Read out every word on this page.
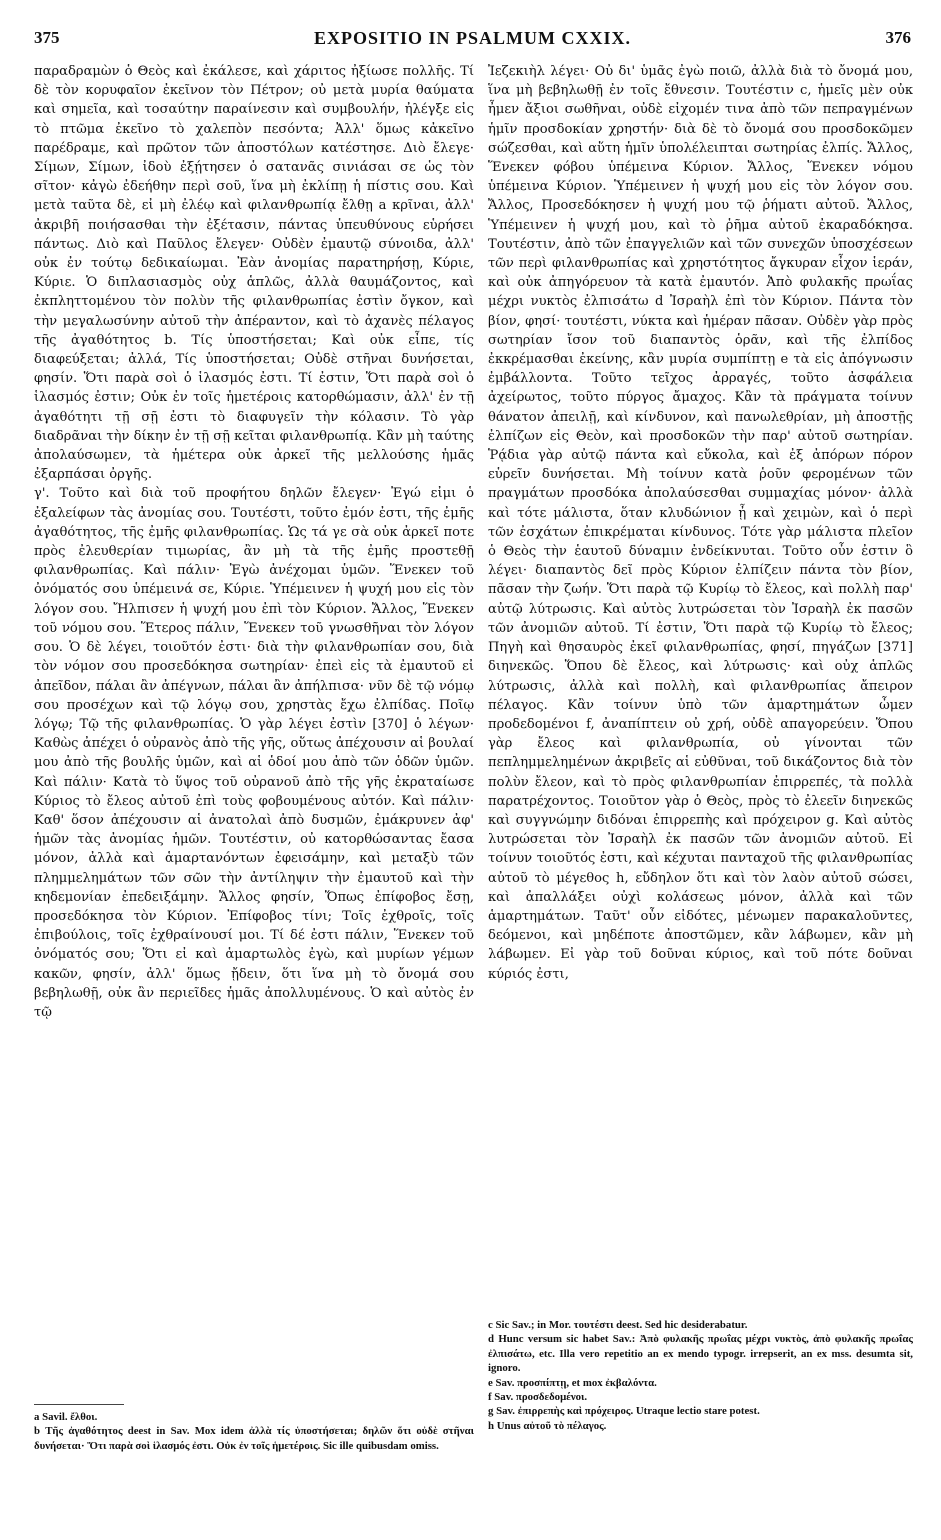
375	EXPOSITIO IN PSALMUM CXXIX.	376

παραδραμὼν ὁ Θεὸς καὶ ἐκάλεσε, καὶ χάριτος ἠξίωσε πολλῆς. Τί δὲ τὸν κορυφαῖον ἐκεῖνον τὸν Πέτρον; οὐ μετὰ μυρία θαύματα καὶ σημεῖα, καὶ τοσαύτην παραίνεσιν καὶ συμβουλήν, ἠλέγξε εἰς τὸ πτῶμα ἐκεῖνο τὸ χαλεπὸν πεσόντα; Ἀλλ' ὅμως κἀκεῖνο παρέδραμε, καὶ πρῶτον τῶν ἀποστόλων κατέστησε. Διὸ ἔλεγε· Σίμων, Σίμων, ἰδοὺ ἐξῄτησεν ὁ σατανᾶς σινιάσαι σε ὡς τὸν σῖτον· κἀγὼ ἐδεήθην περὶ σοῦ, ἵνα μὴ ἐκλίπῃ ἡ πίστις σου. Καὶ μετὰ ταῦτα δὲ, εἰ μὴ ἐλέῳ καὶ φιλανθρωπίᾳ ἔλθῃ a κρῖναι, ἀλλ' ἀκριβῆ ποιήσασθαι τὴν ἐξέτασιν, πάντας ὑπευθύνους εὑρήσει πάντως. Διὸ καὶ Παῦλος ἔλεγεν· Οὐδὲν ἐμαυτῷ σύνοιδα, ἀλλ' οὐκ ἐν τούτῳ δεδικαίωμαι. Ἐὰν ἀνομίας παρατηρήσῃ, Κύριε, Κύριε. Ὁ διπλασιασμὸς οὐχ ἁπλῶς, ἀλλὰ θαυμάζοντος, καὶ ἐκπληττομένου τὸν πολὺν τῆς φιλανθρωπίας ἐστὶν ὄγκον, καὶ τὴν μεγαλωσύνην αὐτοῦ τὴν ἀπέραντον, καὶ τὸ ἀχανὲς πέλαγος τῆς ἀγαθότητος b. Τίς ὑποστήσεται; Καὶ οὐκ εἶπε, τίς διαφεύξεται; ἀλλά, Τίς ὑποστήσεται; Οὐδὲ στῆναι δυνήσεται, φησίν. Ὅτι παρὰ σοὶ ὁ ἱλασμός ἐστι. Τί ἐστιν, Ὅτι παρὰ σοὶ ὁ ἱλασμός ἐστιν; Οὐκ ἐν τοῖς ἡμετέροις κατορθώμασιν, ἀλλ' ἐν τῇ ἀγαθότητι τῇ σῇ ἐστι τὸ διαφυγεῖν τὴν κόλασιν. Τὸ γὰρ διαδρᾶναι τὴν δίκην ἐν τῇ σῇ κεῖται φιλανθρωπίᾳ. Κἂν μὴ ταύτης ἀπολαύσωμεν, τὰ ἡμέτερα οὐκ ἀρκεῖ τῆς μελλούσης ἡμᾶς ἐξαρπάσαι ὀργῆς.

γ'. Τοῦτο καὶ διὰ τοῦ προφήτου δηλῶν ἔλεγεν· Ἐγώ εἰμι ὁ ἐξαλείφων τὰς ἀνομίας σου. Τουτέστι, τοῦτο ἐμόν ἐστι, τῆς ἐμῆς ἀγαθότητος, τῆς ἐμῆς φιλανθρωπίας. Ὡς τά γε σὰ οὐκ ἀρκεῖ ποτε πρὸς ἐλευθερίαν τιμωρίας, ἂν μὴ τὰ τῆς ἐμῆς προστεθῇ φιλανθρωπίας. Καὶ πάλιν· Ἐγὼ ἀνέχομαι ὑμῶν. Ἕνεκεν τοῦ ὀνόματός σου ὑπέμεινά σε, Κύριε. Ὑπέμεινεν ἡ ψυχή μου εἰς τὸν λόγον σου. Ἤλπισεν ἡ ψυχή μου ἐπὶ τὸν Κύριον. Ἄλλος, Ἕνεκεν τοῦ νόμου σου. Ἕτερος πάλιν, Ἕνεκεν τοῦ γνωσθῆναι τὸν λόγον σου. Ὁ δὲ λέγει, τοιοῦτόν ἐστι· διὰ τὴν φιλανθρωπίαν σου, διὰ τὸν νόμον σου προσεδόκησα σωτηρίαν· ἐπεὶ εἰς τὰ ἐμαυτοῦ εἰ ἀπεῖδον, πάλαι ἂν ἀπέγνων, πάλαι ἂν ἀπήλπισα· νῦν δὲ τῷ νόμῳ σου προσέχων καὶ τῷ λόγῳ σου, χρηστὰς ἔχω ἐλπίδας. Ποῖῳ λόγῳ; Τῷ τῆς φιλανθρωπίας. Ὁ γὰρ λέγει ἐστὶν [370] ὁ λέγων· Καθὼς ἀπέχει ὁ οὐρανὸς ἀπὸ τῆς γῆς, οὕτως ἀπέχουσιν αἱ βουλαί μου ἀπὸ τῆς βουλῆς ὑμῶν, καὶ αἱ ὁδοί μου ἀπὸ τῶν ὁδῶν ὑμῶν. Καὶ πάλιν· Κατὰ τὸ ὕψος τοῦ οὐρανοῦ ἀπὸ τῆς γῆς ἐκραταίωσε Κύριος τὸ ἔλεος αὐτοῦ ἐπὶ τοὺς φοβουμένους αὐτόν. Καὶ πάλιν· Καθ' ὅσον ἀπέχουσιν αἱ ἀνατολαὶ ἀπὸ δυσμῶν, ἐμάκρυνεν ἀφ' ἡμῶν τὰς ἀνομίας ἡμῶν. Τουτέστιν, οὐ κατορθώσαντας ἔασα μόνον, ἀλλὰ καὶ ἁμαρτανόντων ἐφεισάμην, καὶ μεταξὺ τῶν πλημμελημάτων τῶν σῶν τὴν ἀντίληψιν τὴν ἐμαυτοῦ καὶ τὴν κηδεμονίαν ἐπεδειξάμην. Ἄλλος φησίν, Ὅπως ἐπίφοβος ἔσῃ, προσεδόκησα τὸν Κύριον. Ἐπίφοβος τίνι; Τοῖς ἐχθροῖς, τοῖς ἐπιβούλοις, τοῖς ἐχθραίνουσί μοι. Τί δέ ἐστι πάλιν, Ἕνεκεν τοῦ ὀνόματός σου; Ὅτι εἰ καὶ ἁμαρτωλὸς ἐγὼ, καὶ μυρίων γέμων κακῶν, φησίν, ἀλλ' ὅμως ᾔδειν, ὅτι ἵνα μὴ τὸ ὄνομά σου βεβηλωθῇ, οὐκ ἂν περιεῖδες ἡμᾶς ἀπολλυμένους. Ὁ καὶ αὐτὸς ἐν τῷ

Ἰεζεκιὴλ λέγει· Οὐ δι' ὑμᾶς ἐγὼ ποιῶ, ἀλλὰ διὰ τὸ ὄνομά μου, ἵνα μὴ βεβηλωθῇ ἐν τοῖς ἔθνεσιν. Τουτέστιν c, ἡμεῖς μὲν οὐκ ἦμεν ἄξιοι σωθῆναι, οὐδὲ εἰχομέν τινα ἀπὸ τῶν πεπραγμένων ἡμῖν προσδοκίαν χρηστήν· διὰ δὲ τὸ ὄνομά σου προσδοκῶμεν σώζεσθαι, καὶ αὕτη ἡμῖν ὑπολέλειπται σωτηρίας ἐλπίς. Ἄλλος, Ἕνεκεν φόβου ὑπέμεινα Κύριον. Ἄλλος, Ἕνεκεν νόμου ὑπέμεινα Κύριον. Ὑπέμεινεν ἡ ψυχή μου εἰς τὸν λόγον σου. Ἄλλος, Προσεδόκησεν ἡ ψυχή μου τῷ ῥήματι αὐτοῦ. Ἄλλος, Ὑπέμεινεν ἡ ψυχή μου, καὶ τὸ ῥῆμα αὐτοῦ ἐκαραδόκησα. Τουτέστιν, ἀπὸ τῶν ἐπαγγελιῶν καὶ τῶν συνεχῶν ὑποσχέσεων τῶν περὶ φιλανθρωπίας καὶ χρηστότητος ἄγκυραν εἶχον ἱεράν, καὶ οὐκ ἀπηγόρευον τὰ κατὰ ἐμαυτόν. Ἀπὸ φυλακῆς πρωΐας μέχρι νυκτὸς ἐλπισάτω d Ἰσραὴλ ἐπὶ τὸν Κύριον. Πάντα τὸν βίον, φησί· τουτέστι, νύκτα καὶ ἡμέραν πᾶσαν. Οὐδὲν γὰρ πρὸς σωτηρίαν ἴσον τοῦ διαπαντὸς ὁρᾶν, καὶ τῆς ἐλπίδος ἐκκρέμασθαι ἐκείνης, κἂν μυρία συμπίπτῃ e τὰ εἰς ἀπόγνωσιν ἐμβάλλοντα. Τοῦτο τεῖχος ἀρραγές, τοῦτο ἀσφάλεια ἀχείρωτος, τοῦτο πύργος ἄμαχος. Κἂν τὰ πράγματα τοίνυν θάνατον ἀπειλῇ, καὶ κίνδυνον, καὶ πανωλεθρίαν, μὴ ἀποστῇς ἐλπίζων εἰς Θεὸν, καὶ προσδοκῶν τὴν παρ' αὐτοῦ σωτηρίαν. Ῥᾴδια γὰρ αὐτῷ πάντα καὶ εὔκολα, καὶ ἐξ ἀπόρων πόρον εὑρεῖν δυνήσεται. Μὴ τοίνυν κατὰ ῥοῦν φερομένων τῶν πραγμάτων προσδόκα ἀπολαύσεσθαι συμμαχίας μόνον· ἀλλὰ καὶ τότε μάλιστα, ὅταν κλυδώνιον ᾖ καὶ χειμὼν, καὶ ὁ περὶ τῶν ἐσχάτων ἐπικρέμαται κίνδυνος. Τότε γὰρ μάλιστα πλεῖον ὁ Θεὸς τὴν ἑαυτοῦ δύναμιν ἐνδείκνυται. Τοῦτο οὖν ἐστιν ὃ λέγει· διαπαντὸς δεῖ πρὸς Κύριον ἐλπίζειν πάντα τὸν βίον, πᾶσαν τὴν ζωήν. Ὅτι παρὰ τῷ Κυρίῳ τὸ ἔλεος, καὶ πολλὴ παρ' αὐτῷ λύτρωσις. Καὶ αὐτὸς λυτρώσεται τὸν Ἰσραὴλ ἐκ πασῶν τῶν ἀνομιῶν αὐτοῦ. Τί ἐστιν, Ὅτι παρὰ τῷ Κυρίῳ τὸ ἔλεος; Πηγὴ καὶ θησαυρὸς ἐκεῖ φιλανθρωπίας, φησί, πηγάζων [371] διηνεκῶς. Ὅπου δὲ ἔλεος, καὶ λύτρωσις· καὶ οὐχ ἁπλῶς λύτρωσις, ἀλλὰ καὶ πολλὴ, καὶ φιλανθρωπίας ἄπειρον πέλαγος. Κἂν τοίνυν ὑπὸ τῶν ἁμαρτημάτων ὦμεν προδεδομένοι f, ἀναπίπτειν οὐ χρή, οὐδὲ απαγορεύειν. Ὅπου γὰρ ἔλεος καὶ φιλανθρωπία, οὐ γίνονται τῶν πεπλημμελημένων ἀκριβεῖς αἱ εὐθῦναι, τοῦ δικάζοντος διὰ τὸν πολὺν ἔλεον, καὶ τὸ πρὸς φιλανθρωπίαν ἐπιρρεπές, τὰ πολλὰ παρατρέχοντος. Τοιοῦτον γὰρ ὁ Θεὸς, πρὸς τὸ ἐλεεῖν διηνεκῶς καὶ συγγνώμην διδόναι ἐπιρρεπὴς καὶ πρόχειρον g. Καὶ αὐτὸς λυτρώσεται τὸν Ἰσραὴλ ἐκ πασῶν τῶν ἀνομιῶν αὐτοῦ. Εἰ τοίνυν τοιοῦτός ἐστι, καὶ κέχυται πανταχοῦ τῆς φιλανθρωπίας αὐτοῦ τὸ μέγεθος h, εὔδηλον ὅτι καὶ τὸν λαὸν αὐτοῦ σώσει, καὶ ἀπαλλάξει οὐχὶ κολάσεως μόνον, ἀλλὰ καὶ τῶν ἁμαρτημάτων. Ταῦτ' οὖν εἰδότες, μένωμεν παρακαλοῦντες, δεόμενοι, καὶ μηδέποτε ἀποστῶμεν, κἂν λάβωμεν, κἂν μὴ λάβωμεν. Εἰ γὰρ τοῦ δοῦναι κύριος, καὶ τοῦ πότε δοῦναι κύριός ἐστι,

a Savil. ἔλθοι.

b Τῆς ἀγαθότητος deest in Sav. Mox idem ἀλλὰ τίς ὑποστήσεται; δηλῶν ὅτι οὐδὲ στῆναι δυνήσεται· Ὅτι παρὰ σοὶ ἱλασμός ἐστι. Οὐκ ἐν τοῖς ἡμετέροις. Sic ille quibusdam omiss.

c Sic Sav.; in Mor. τουτέστι deest. Sed hic desiderabatur.

d Hunc versum sic habet Sav.: Ἀπὸ φυλακῆς πρωΐας μέχρι νυκτὸς, ἀπὸ φυλακῆς πρωΐας ἐλπισάτω, etc. Illa vero repetitio an ex mendo typogr. irrepserit, an ex mss. desumta sit, ignoro.

e Sav. προσπίπτῃ, et mox ἐκβαλόντα.

f Sav. προσδεδομένοι.

g Sav. ἐπιρρεπὴς καὶ πρόχειρος. Utraque lectio stare potest.

h Unus αὐτοῦ τὸ πέλαγος.
